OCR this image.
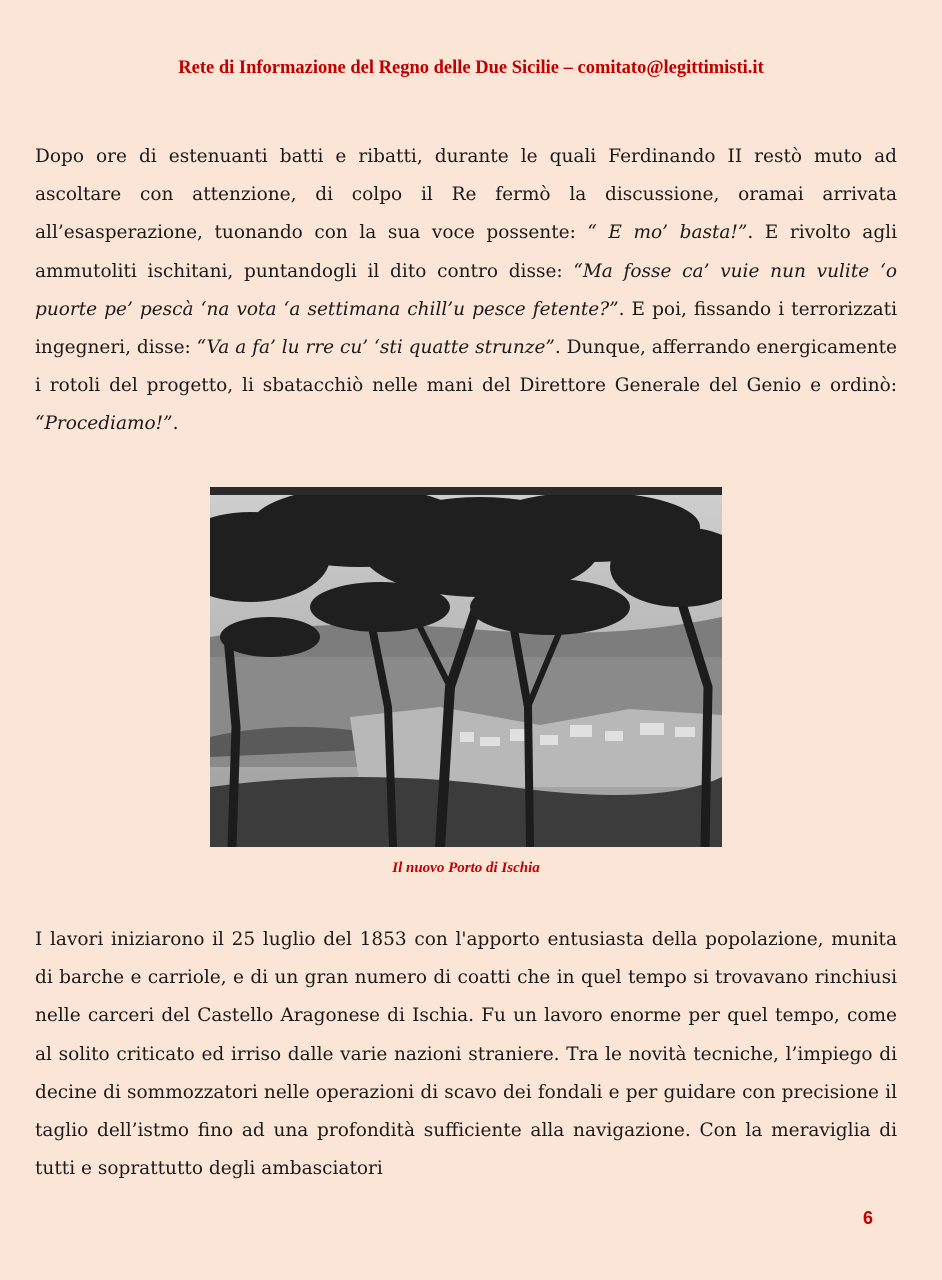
Rete di Informazione del Regno delle Due Sicilie – comitato@legittimisti.it

Dopo ore di estenuanti batti e ribatti, durante le quali Ferdinando II restò muto ad ascoltare con attenzione, di colpo il Re fermò la discussione, oramai arrivata all’esasperazione, tuonando con la sua voce possente: “ E mo’ basta!”. E rivolto agli ammutoliti ischitani, puntandogli il dito contro disse: “Ma fosse ca’ vuie nun vulite ‘o puorte pe’ pescà ‘na vota ‘a settimana chill’u pesce fetente?”. E poi, fissando i terrorizzati ingegneri, disse: “Va a fa’ lu rre cu’ ‘sti quatte strunze”. Dunque, afferrando energicamente i rotoli del progetto, li sbatacchiò nelle mani del Direttore Generale del Genio e ordinò: “Procediamo!”.

Il nuovo Porto di Ischia

I lavori iniziarono il 25 luglio del 1853 con l'apporto entusiasta della popolazione, munita di barche e carriole, e di un gran numero di coatti che in quel tempo si trovavano rinchiusi nelle carceri del Castello Aragonese di Ischia. Fu un lavoro enorme per quel tempo, come al solito criticato ed irriso dalle varie nazioni straniere. Tra le novità tecniche, l’impiego di decine di sommozzatori nelle operazioni di scavo dei fondali e per guidare con precisione il taglio dell’istmo fino ad una profondità sufficiente alla navigazione. Con la meraviglia di tutti e soprattutto degli ambasciatori

6
